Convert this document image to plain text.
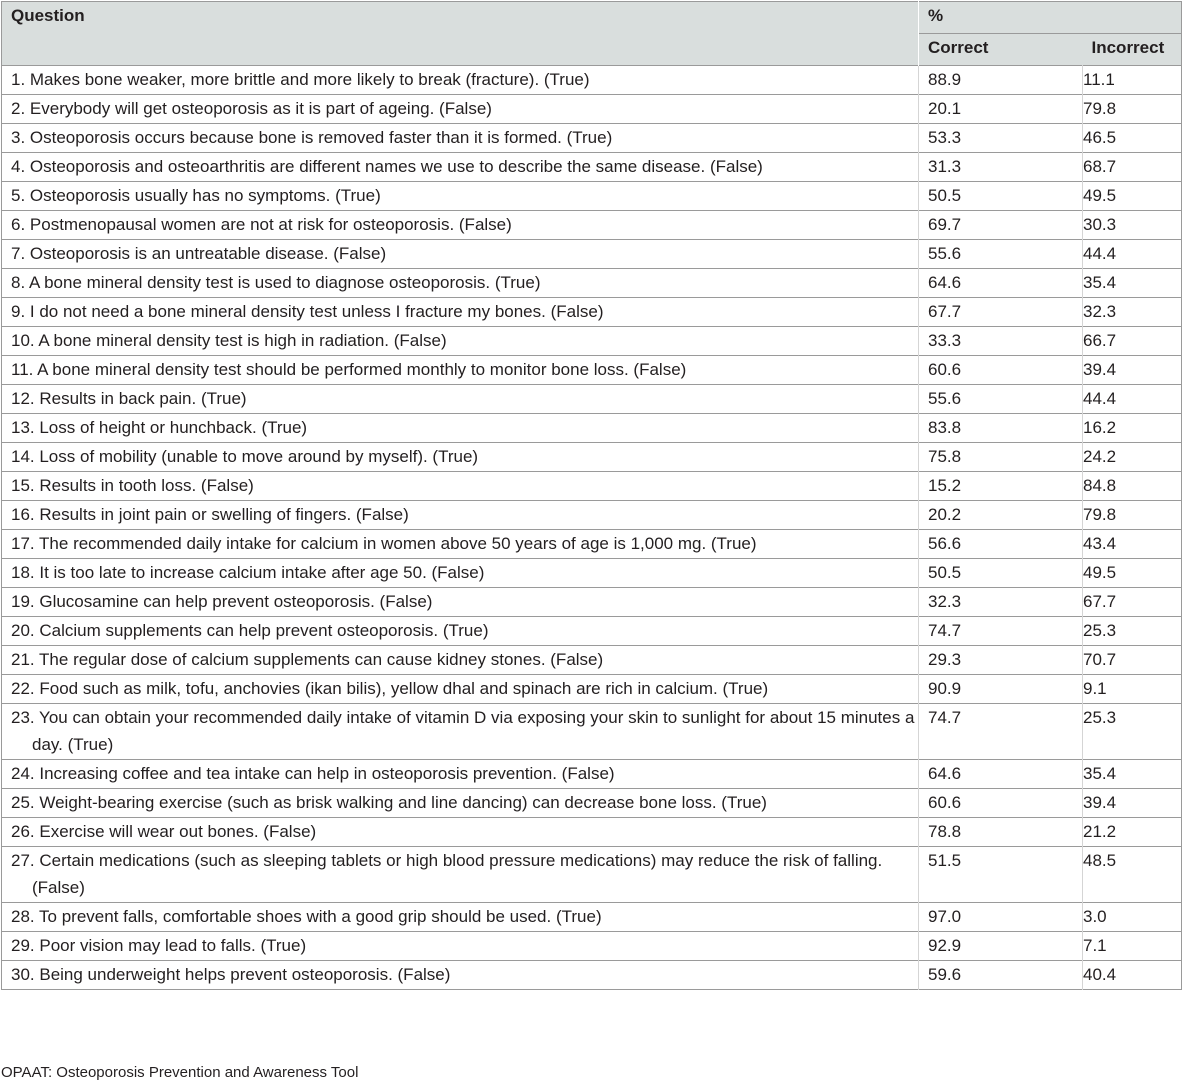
Question	%	
	Correct	Incorrect

1. Makes bone weaker, more brittle and more likely to break (fracture). (True)	88.9	11.1

2. Everybody will get osteoporosis as it is part of ageing. (False)	20.1	79.8

3. Osteoporosis occurs because bone is removed faster than it is formed. (True)	53.3	46.5

4. Osteoporosis and osteoarthritis are different names we use to describe the same disease. (False)	31.3	68.7

5. Osteoporosis usually has no symptoms. (True)	50.5	49.5

6. Postmenopausal women are not at risk for osteoporosis. (False)	69.7	30.3

7. Osteoporosis is an untreatable disease. (False)	55.6	44.4

8. A bone mineral density test is used to diagnose osteoporosis. (True)	64.6	35.4

9. I do not need a bone mineral density test unless I fracture my bones. (False)	67.7	32.3

10. A bone mineral density test is high in radiation. (False)	33.3	66.7

11. A bone mineral density test should be performed monthly to monitor bone loss. (False)	60.6	39.4

12. Results in back pain. (True)	55.6	44.4

13. Loss of height or hunchback. (True)	83.8	16.2

14. Loss of mobility (unable to move around by myself). (True)	75.8	24.2

15. Results in tooth loss. (False)	15.2	84.8

16. Results in joint pain or swelling of fingers. (False)	20.2	79.8

17. The recommended daily intake for calcium in women above 50 years of age is 1,000 mg. (True)	56.6	43.4

18. It is too late to increase calcium intake after age 50. (False)	50.5	49.5

19. Glucosamine can help prevent osteoporosis. (False)	32.3	67.7

20. Calcium supplements can help prevent osteoporosis. (True)	74.7	25.3

21. The regular dose of calcium supplements can cause kidney stones. (False)	29.3	70.7

22. Food such as milk, tofu, anchovies (ikan bilis), yellow dhal and spinach are rich in calcium. (True)	90.9	9.1

23. You can obtain your recommended daily intake of vitamin D via exposing your skin to sunlight for about 15 minutes a day. (True)	74.7	25.3

24. Increasing coffee and tea intake can help in osteoporosis prevention. (False)	64.6	35.4

25. Weight-bearing exercise (such as brisk walking and line dancing) can decrease bone loss. (True)	60.6	39.4

26. Exercise will wear out bones. (False)	78.8	21.2

27. Certain medications (such as sleeping tablets or high blood pressure medications) may reduce the risk of falling. (False)	51.5	48.5

28. To prevent falls, comfortable shoes with a good grip should be used. (True)	97.0	3.0

29. Poor vision may lead to falls. (True)	92.9	7.1

30. Being underweight helps prevent osteoporosis. (False)	59.6	40.4
OPAAT: Osteoporosis Prevention and Awareness Tool
